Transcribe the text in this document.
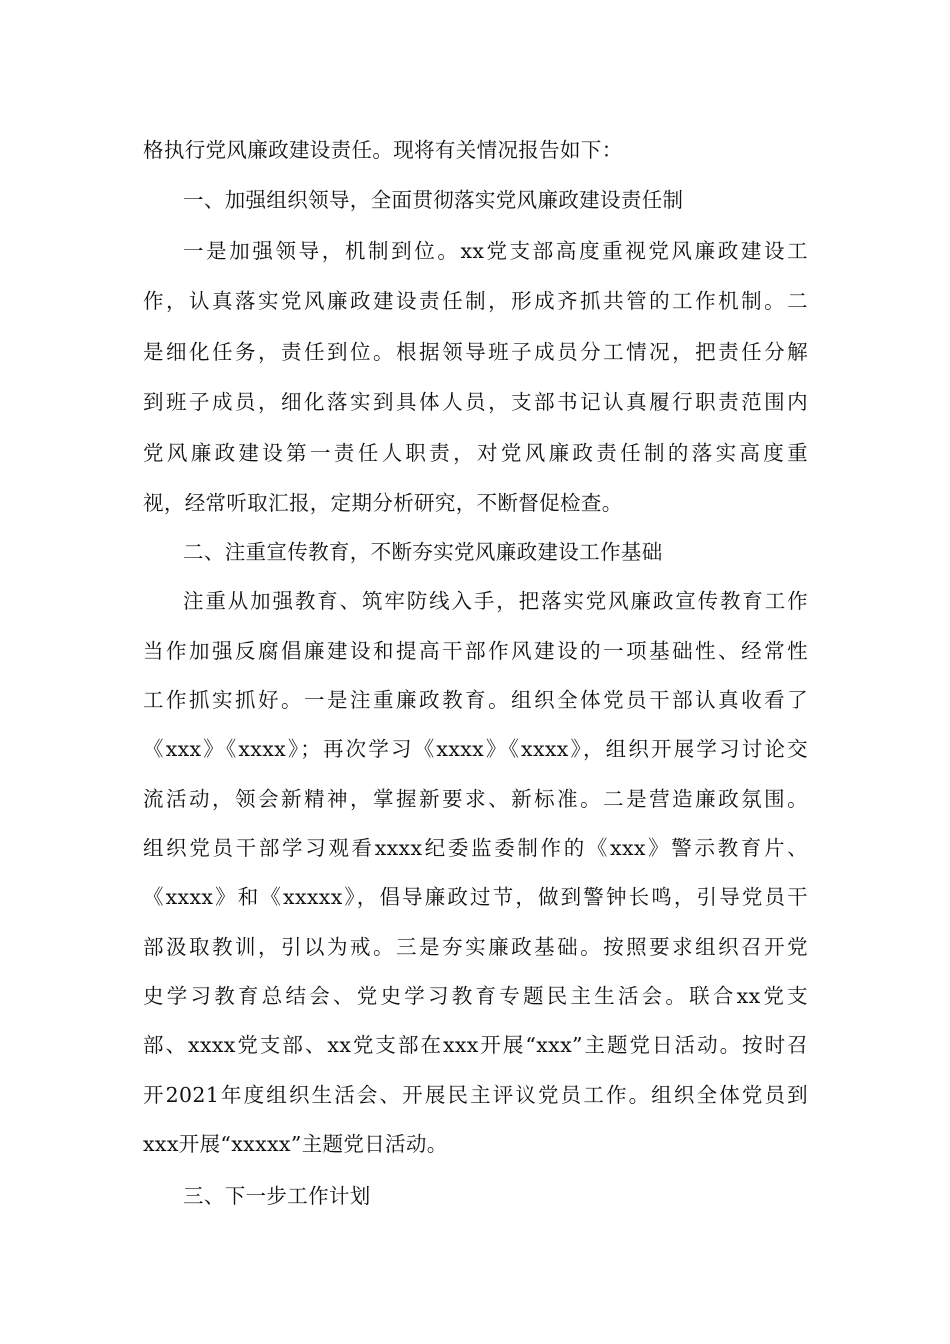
格执行党风廉政建设责任。现将有关情况报告如下：
一、加强组织领导，全面贯彻落实党风廉政建设责任制
一是加强领导，机制到位。xx党支部高度重视党风廉政建设工
作，认真落实党风廉政建设责任制，形成齐抓共管的工作机制。二
是细化任务，责任到位。根据领导班子成员分工情况，把责任分解
到班子成员，细化落实到具体人员，支部书记认真履行职责范围内
党风廉政建设第一责任人职责，对党风廉政责任制的落实高度重
视，经常听取汇报，定期分析研究，不断督促检查。
二、注重宣传教育，不断夯实党风廉政建设工作基础
注重从加强教育、筑牢防线入手，把落实党风廉政宣传教育工作
当作加强反腐倡廉建设和提高干部作风建设的一项基础性、经常性
工作抓实抓好。一是注重廉政教育。组织全体党员干部认真收看了
《xxx》《xxxx》；再次学习《xxxx》《xxxx》，组织开展学习讨论交
流活动，领会新精神，掌握新要求、新标准。二是营造廉政氛围。
组织党员干部学习观看xxxx纪委监委制作的《xxx》警示教育片、
《xxxx》和《xxxxx》，倡导廉政过节，做到警钟长鸣，引导党员干
部汲取教训，引以为戒。三是夯实廉政基础。按照要求组织召开党
史学习教育总结会、党史学习教育专题民主生活会。联合xx党支
部、xxxx党支部、xx党支部在xxx开展“xxx”主题党日活动。按时召
开2021年度组织生活会、开展民主评议党员工作。组织全体党员到
xxx开展“xxxxx”主题党日活动。
三、下一步工作计划
